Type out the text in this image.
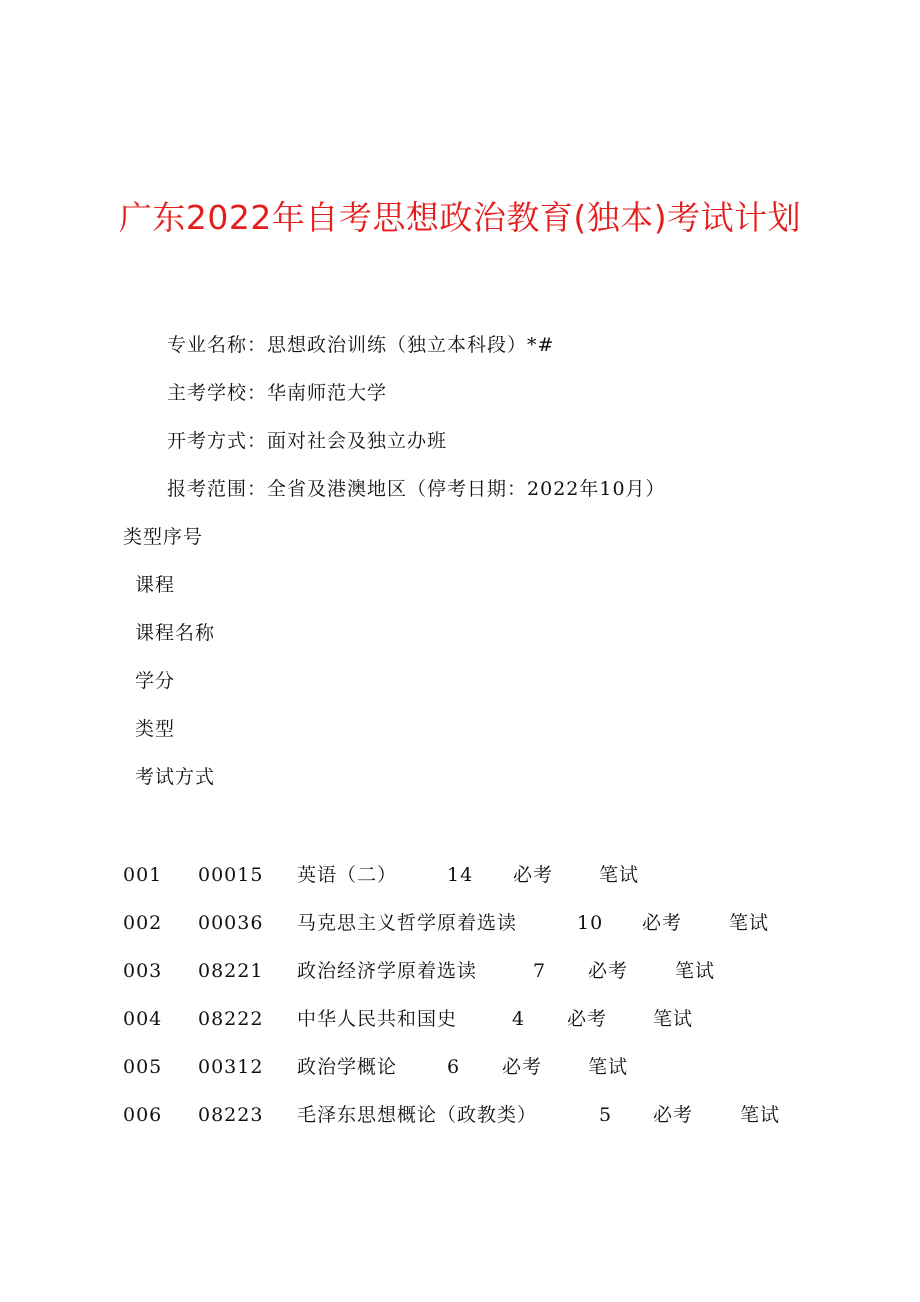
广东2022年自考思想政治教育(独本)考试计划
专业名称：思想政治训练（独立本科段）*#
主考学校：华南师范大学
开考方式：面对社会及独立办班
报考范围：全省及港澳地区（停考日期：2022年10月）
类型序号
课程
课程名称
学分
类型
考试方式
001 00015 英语（二）	14 必考 笔试
002 00036 马克思主义哲学原着选读	10 必考 笔试
003 08221 政治经济学原着选读	7 必考 笔试
004 08222 中华人民共和国史	4 必考 笔试
005 00312 政治学概论	6 必考 笔试
006 08223 毛泽东思想概论（政教类）	5 必考 笔试
